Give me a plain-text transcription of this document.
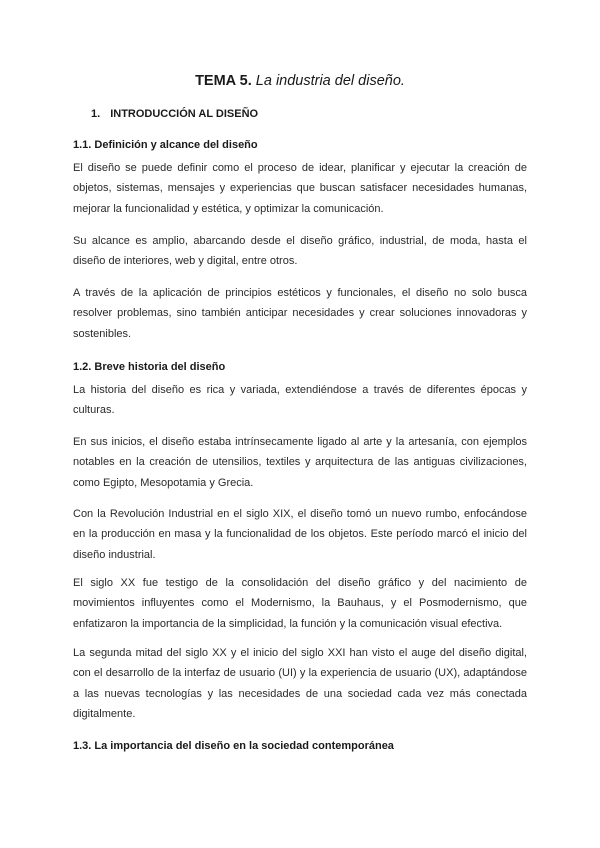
TEMA 5. La industria del diseño.
1. INTRODUCCIÓN AL DISEÑO
1.1. Definición y alcance del diseño

El diseño se puede definir como el proceso de idear, planificar y ejecutar la creación de objetos, sistemas, mensajes y experiencias que buscan satisfacer necesidades humanas, mejorar la funcionalidad y estética, y optimizar la comunicación.

Su alcance es amplio, abarcando desde el diseño gráfico, industrial, de moda, hasta el diseño de interiores, web y digital, entre otros.

A través de la aplicación de principios estéticos y funcionales, el diseño no solo busca resolver problemas, sino también anticipar necesidades y crear soluciones innovadoras y sostenibles.

1.2. Breve historia del diseño

La historia del diseño es rica y variada, extendiéndose a través de diferentes épocas y culturas.

En sus inicios, el diseño estaba intrínsecamente ligado al arte y la artesanía, con ejemplos notables en la creación de utensilios, textiles y arquitectura de las antiguas civilizaciones, como Egipto, Mesopotamia y Grecia.

Con la Revolución Industrial en el siglo XIX, el diseño tomó un nuevo rumbo, enfocándose en la producción en masa y la funcionalidad de los objetos. Este período marcó el inicio del diseño industrial.

El siglo XX fue testigo de la consolidación del diseño gráfico y del nacimiento de movimientos influyentes como el Modernismo, la Bauhaus, y el Posmodernismo, que enfatizaron la importancia de la simplicidad, la función y la comunicación visual efectiva.

La segunda mitad del siglo XX y el inicio del siglo XXI han visto el auge del diseño digital, con el desarrollo de la interfaz de usuario (UI) y la experiencia de usuario (UX), adaptándose a las nuevas tecnologías y las necesidades de una sociedad cada vez más conectada digitalmente.

1.3. La importancia del diseño en la sociedad contemporánea
